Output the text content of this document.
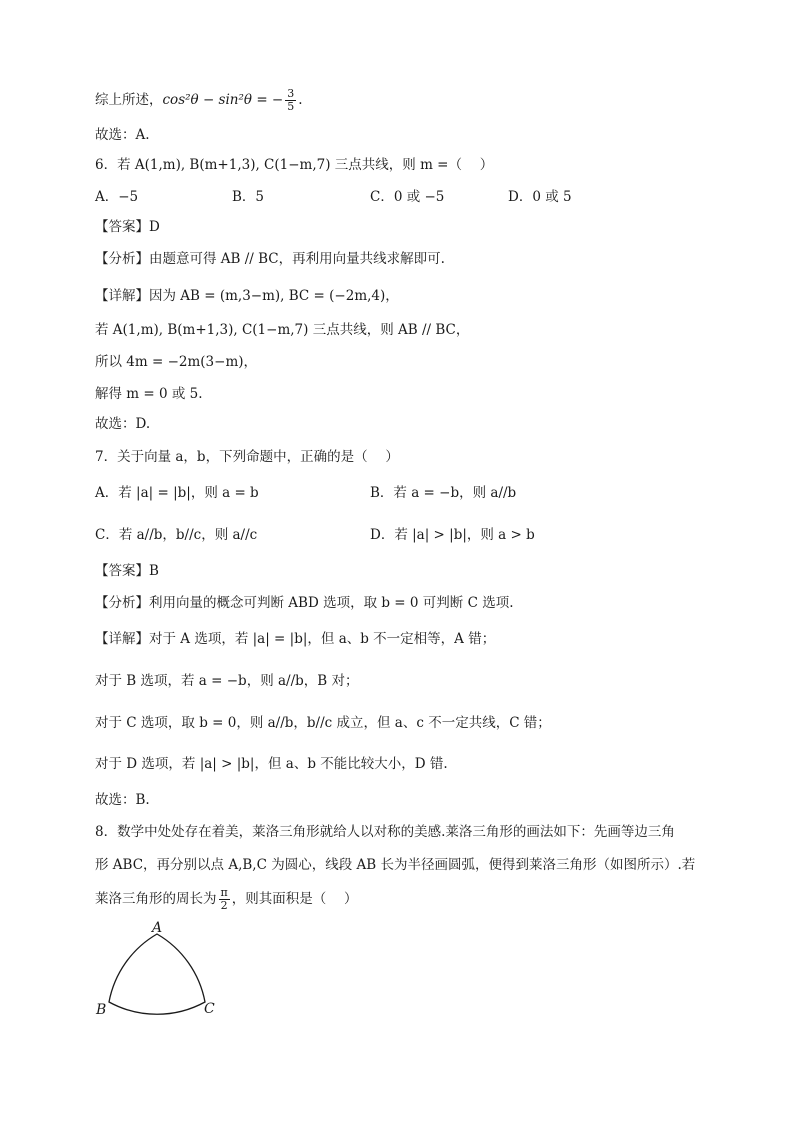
综上所述，cos²θ − sin²θ = − $\frac{3}{5}$ .
故选：A.
6．若 A(1,m), B(m+1,3), C(1−m,7) 三点共线，则 m =（　 ）
A．−5	B．5	C．0 或 −5	D．0 或 5
【答案】D
【分析】由题意可得 AB // BC，再利用向量共线求解即可.
【详解】因为 AB = (m,3−m), BC = (−2m,4)，
若 A(1,m), B(m+1,3), C(1−m,7) 三点共线，则 AB // BC，
所以 4m = −2m(3−m)，
解得 m = 0 或 5.
故选：D.
7．关于向量 a，b，下列命题中，正确的是（　 ）
A．若 |a| = |b|，则 a = b	B．若 a = −b，则 a//b
C．若 a//b，b//c，则 a//c	D．若 |a| > |b|，则 a > b
【答案】B
【分析】利用向量的概念可判断 ABD 选项，取 b = 0 可判断 C 选项.
【详解】对于 A 选项，若 |a| = |b|，但 a、b 不一定相等，A 错；
对于 B 选项，若 a = −b，则 a//b，B 对；
对于 C 选项，取 b = 0，则 a//b，b//c 成立，但 a、c 不一定共线，C 错；
对于 D 选项，若 |a| > |b|，但 a、b 不能比较大小，D 错.
故选：B.
8．数学中处处存在着美，莱洛三角形就给人以对称的美感.莱洛三角形的画法如下：先画等边三角
形 ABC，再分别以点 A,B,C 为圆心，线段 AB 长为半径画圆弧，便得到莱洛三角形（如图所示）.若
莱洛三角形的周长为 $\frac{\pi}{2}$ ，则其面积是（　 ）
A
B	C
